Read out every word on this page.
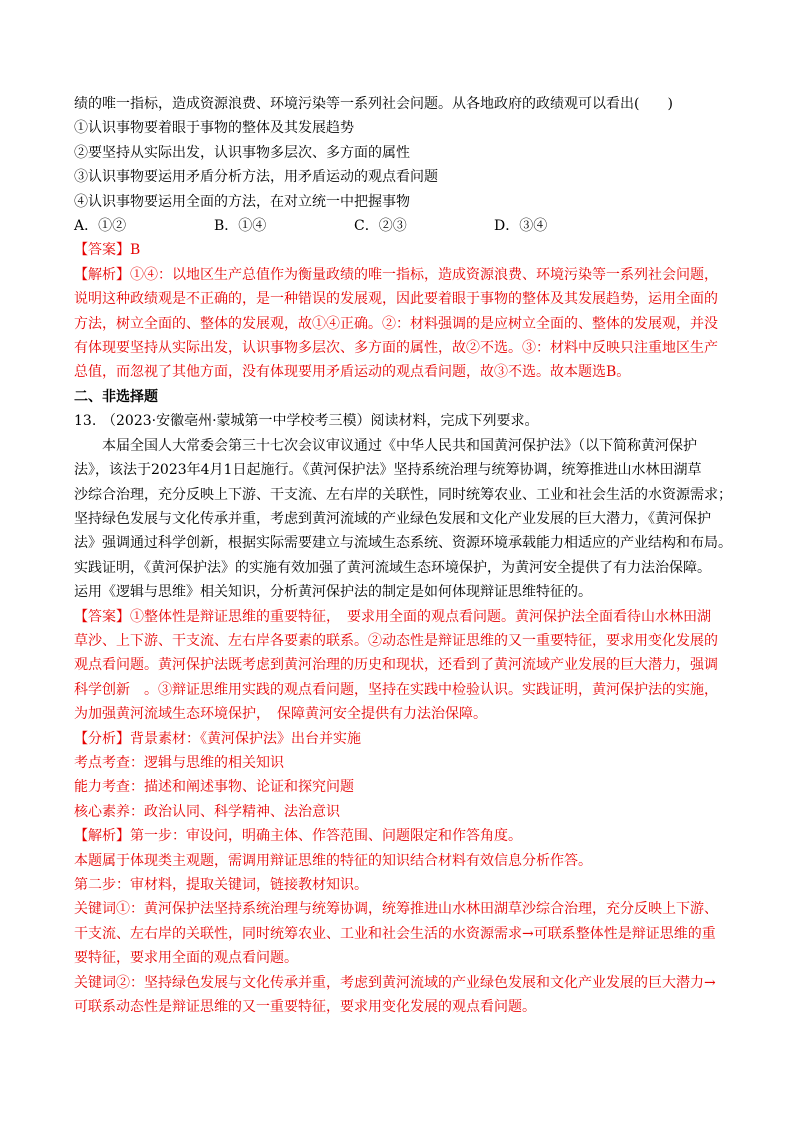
绩的唯一指标，造成资源浪费、环境污染等一系列社会问题。从各地政府的政绩观可以看出(　　)
①认识事物要着眼于事物的整体及其发展趋势
②要坚持从实际出发，认识事物多层次、多方面的属性
③认识事物要运用矛盾分析方法，用矛盾运动的观点看问题
④认识事物要运用全面的方法，在对立统一中把握事物
A．①②	B．①④	C．②③	D．③④
【答案】B
【解析】①④：以地区生产总值作为衡量政绩的唯一指标，造成资源浪费、环境污染等一系列社会问题，
说明这种政绩观是不正确的，是一种错误的发展观，因此要着眼于事物的整体及其发展趋势，运用全面的
方法，树立全面的、整体的发展观，故①④正确。②：材料强调的是应树立全面的、整体的发展观，并没
有体现要坚持从实际出发，认识事物多层次、多方面的属性，故②不选。③：材料中反映只注重地区生产
总值，而忽视了其他方面，没有体现要用矛盾运动的观点看问题，故③不选。故本题选B。
二、非选择题
13. （2023·安徽亳州·蒙城第一中学校考三模）阅读材料，完成下列要求。
本届全国人大常委会第三十七次会议审议通过《中华人民共和国黄河保护法》（以下简称黄河保护
法》，该法于2023年4月1日起施行。《黄河保护法》坚持系统治理与统筹协调，统筹推进山水林田湖草
沙综合治理，充分反映上下游、干支流、左右岸的关联性，同时统筹农业、工业和社会生活的水资源需求；
坚持绿色发展与文化传承并重，考虑到黄河流域的产业绿色发展和文化产业发展的巨大潜力，《黄河保护
法》强调通过科学创新，根据实际需要建立与流域生态系统、资源环境承载能力相适应的产业结构和布局。
实践证明，《黄河保护法》的实施有效加强了黄河流域生态环境保护，为黄河安全提供了有力法治保障。
运用《逻辑与思维》相关知识，分析黄河保护法的制定是如何体现辩证思维特征的。
【答案】①整体性是辩证思维的重要特征，　要求用全面的观点看问题。黄河保护法全面看待山水林田湖
草沙、上下游、干支流、左右岸各要素的联系。②动态性是辩证思维的又一重要特征，要求用变化发展的
观点看问题。黄河保护法既考虑到黄河治理的历史和现状，还看到了黄河流域产业发展的巨大潜力，强调
科学创新　。③辩证思维用实践的观点看问题，坚持在实践中检验认识。实践证明，黄河保护法的实施，
为加强黄河流域生态环境保护，　保障黄河安全提供有力法治保障。
【分析】背景素材：《黄河保护法》出台并实施
考点考查：逻辑与思维的相关知识
能力考查：描述和阐述事物、论证和探究问题
核心素养：政治认同、科学精神、法治意识
【解析】第一步：审设问，明确主体、作答范围、问题限定和作答角度。
本题属于体现类主观题，需调用辩证思维的特征的知识结合材料有效信息分析作答。
第二步：审材料，提取关键词，链接教材知识。
关键词①：黄河保护法坚持系统治理与统筹协调，统筹推进山水林田湖草沙综合治理，充分反映上下游、
干支流、左右岸的关联性，同时统筹农业、工业和社会生活的水资源需求→可联系整体性是辩证思维的重
要特征，要求用全面的观点看问题。
关键词②：坚持绿色发展与文化传承并重，考虑到黄河流域的产业绿色发展和文化产业发展的巨大潜力→
可联系动态性是辩证思维的又一重要特征，要求用变化发展的观点看问题。
